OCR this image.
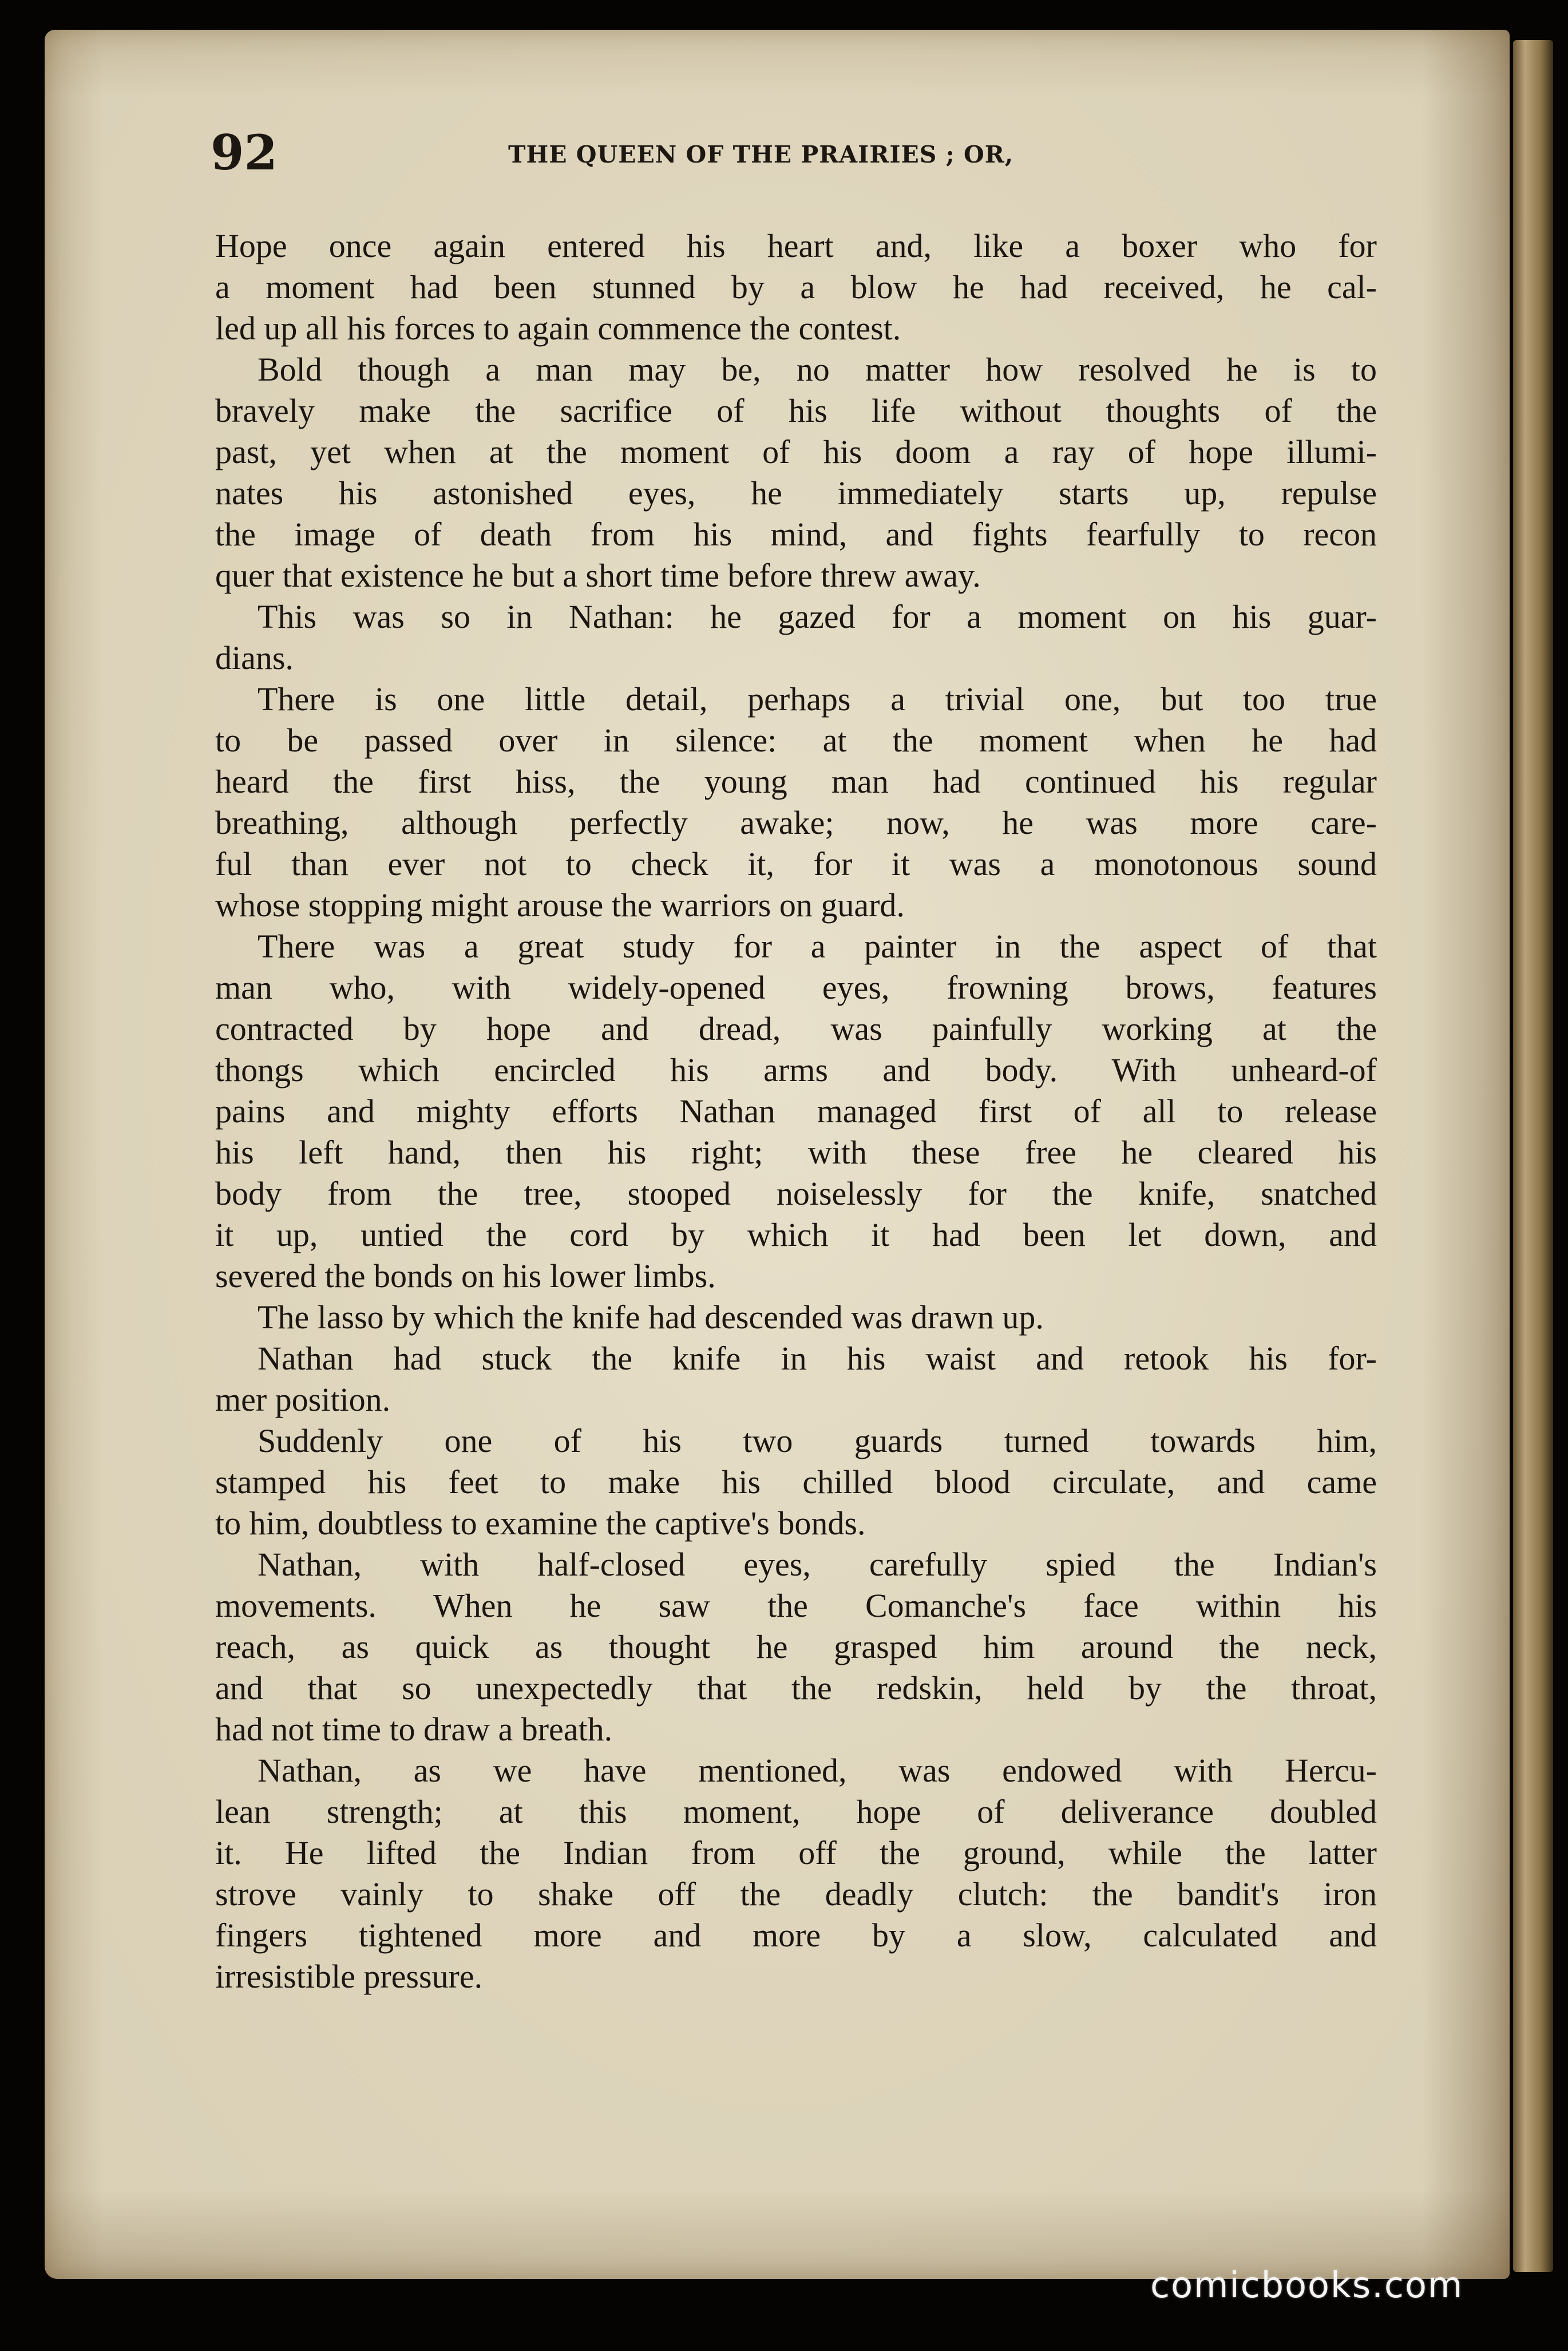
92	THE QUEEN OF THE PRAIRIES ; OR,
Hope once again entered his heart and, like a boxer who for
a moment had been stunned by a blow he had received, he cal-
led up all his forces to again commence the contest.
Bold though a man may be, no matter how resolved he is to
bravely make the sacrifice of his life without thoughts of the
past, yet when at the moment of his doom a ray of hope illumi-
nates his astonished eyes, he immediately starts up, repulse
the image of death from his mind, and fights fearfully to recon
quer that existence he but a short time before threw away.
This was so in Nathan: he gazed for a moment on his guar-
dians.
There is one little detail, perhaps a trivial one, but too true
to be passed over in silence: at the moment when he had
heard the first hiss, the young man had continued his regular
breathing, although perfectly awake; now, he was more care-
ful than ever not to check it, for it was a monotonous sound
whose stopping might arouse the warriors on guard.
There was a great study for a painter in the aspect of that
man who, with widely-opened eyes, frowning brows, features
contracted by hope and dread, was painfully working at the
thongs which encircled his arms and body. With unheard-of
pains and mighty efforts Nathan managed first of all to release
his left hand, then his right; with these free he cleared his
body from the tree, stooped noiselessly for the knife, snatched
it up, untied the cord by which it had been let down, and
severed the bonds on his lower limbs.
The lasso by which the knife had descended was drawn up.
Nathan had stuck the knife in his waist and retook his for-
mer position.
Suddenly one of his two guards turned towards him,
stamped his feet to make his chilled blood circulate, and came
to him, doubtless to examine the captive's bonds.
Nathan, with half-closed eyes, carefully spied the Indian's
movements. When he saw the Comanche's face within his
reach, as quick as thought he grasped him around the neck,
and that so unexpectedly that the redskin, held by the throat,
had not time to draw a breath.
Nathan, as we have mentioned, was endowed with Hercu-
lean strength; at this moment, hope of deliverance doubled
it. He lifted the Indian from off the ground, while the latter
strove vainly to shake off the deadly clutch: the bandit's iron
fingers tightened more and more by a slow, calculated and
irresistible pressure.
comicbooks.com
